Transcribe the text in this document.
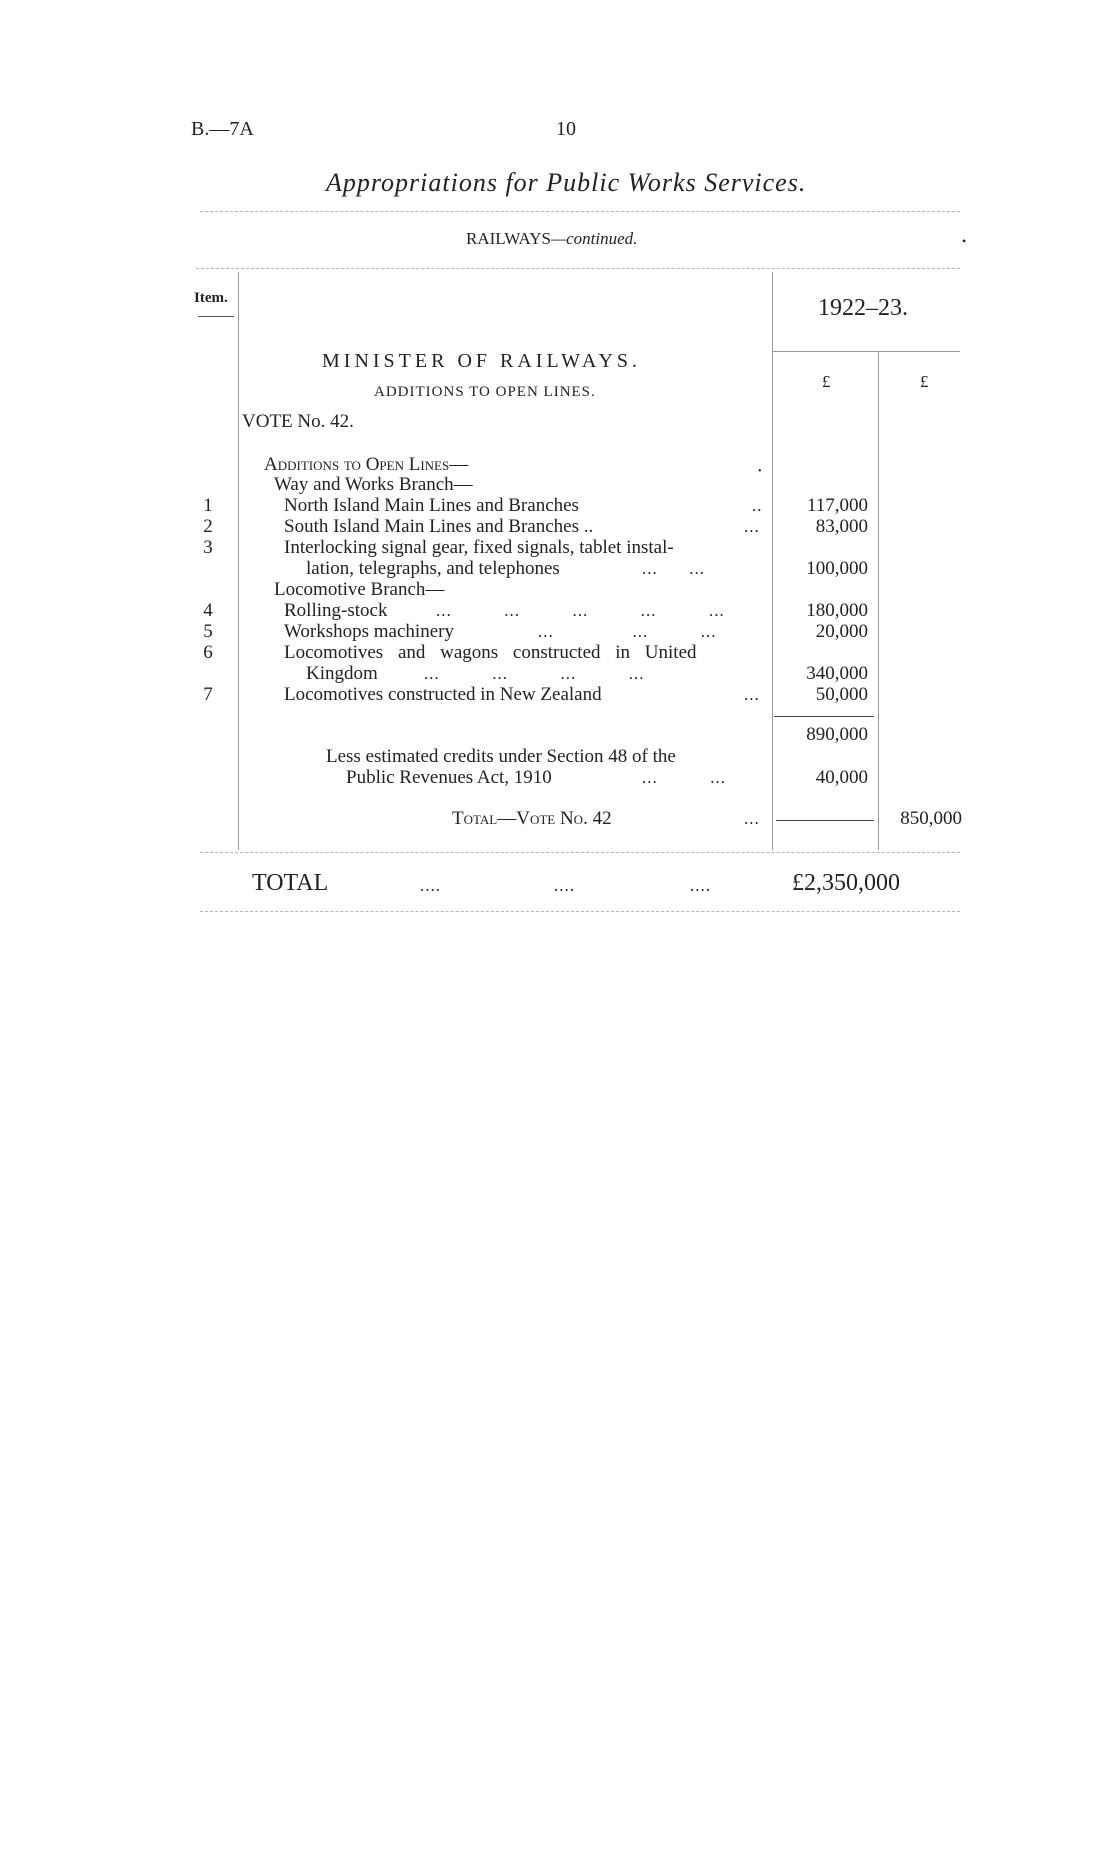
B.—7A	10
Appropriations for Public Works Services.
RAILWAYS—continued.	•
Item.	1922–23.
£	£
MINISTER OF RAILWAYS.
ADDITIONS TO OPEN LINES.
VOTE No. 42.
Additions to Open Lines—	•
Way and Works Branch—
1	North Island Main Lines and Branches	..	117,000
2	South Island Main Lines and Branches ..	...	83,000
3	Interlocking signal gear, fixed signals, tablet instal-
lation, telegraphs, and telephones	...      ...	100,000
Locomotive Branch—
4	Rolling-stock	...          ...          ...          ...          ...	180,000
5	Workshops machinery	...               ...          ...	20,000
6	Locomotives and wagons constructed in United
Kingdom	...          ...          ...          ...	340,000
7	Locomotives constructed in New Zealand	...	50,000
890,000
Less estimated credits under Section 48 of the
Public Revenues Act, 1910	...          ...	40,000
Total—Vote No. 42	...	850,000
TOTAL	....	....	....	£2,350,000
